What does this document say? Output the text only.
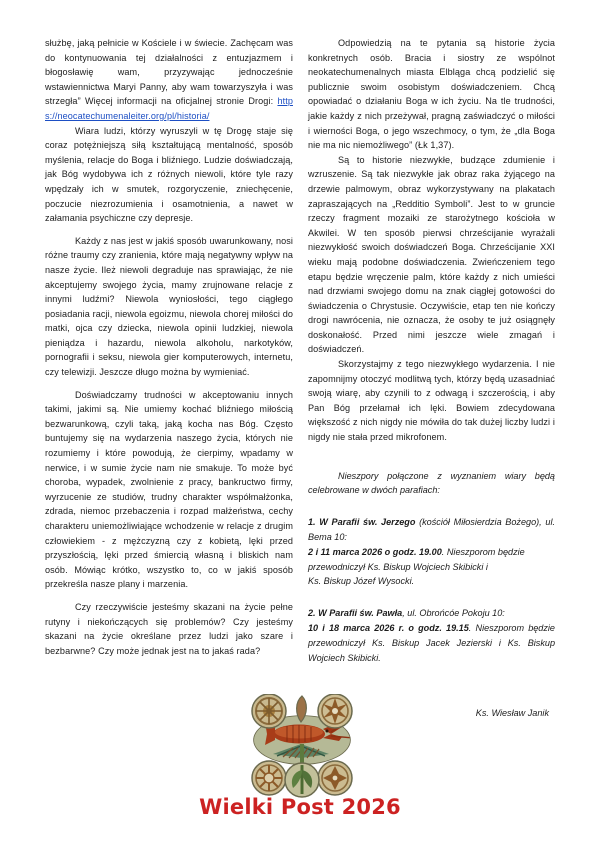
służbę, jaką pełnicie w Kościele i w świecie. Zachęcam was do kontynuowania tej działalności z entuzjazmem i błogosławię wam, przyzywając jednocześnie wstawiennictwa Maryi Panny, aby wam towarzyszyła i was strzegła” Więcej informacji na oficjalnej stronie Drogi: https://neocatechumenaleiter.org/pl/historia/

Wiara ludzi, którzy wyruszyli w tę Drogę staje się coraz potężniejszą siłą kształtującą mentalność, sposób myślenia, relacje do Boga i bliźniego. Ludzie doświadczają, jak Bóg wydobywa ich z różnych niewoli, które tyle razy wpędzały ich w smutek, rozgoryczenie, zniechęcenie, poczucie niezrozumienia i osamotnienia, a nawet w załamania psychiczne czy depresje.

Każdy z nas jest w jakiś sposób uwarunkowany, nosi różne traumy czy zranienia, które mają negatywny wpływ na nasze życie. Ileż niewoli degraduje nas sprawiając, że nie akceptujemy swojego życia, mamy zrujnowane relacje z innymi ludźmi? Niewola wyniosłości, tego ciągłego posiadania racji, niewola egoizmu, niewola chorej miłości do matki, ojca czy dziecka, niewola opinii ludzkiej, niewola pieniądza i hazardu, niewola alkoholu, narkotyków, pornografii i seksu, niewola gier komputerowych, internetu, czy telewizji. Jeszcze długo można by wymieniać.

Doświadczamy trudności w akceptowaniu innych takimi, jakimi są. Nie umiemy kochać bliźniego miłością bezwarunkową, czyli taką, jaką kocha nas Bóg. Często buntujemy się na wydarzenia naszego życia, których nie rozumiemy i które powodują, że cierpimy, wpadamy w nerwice, i w sumie życie nam nie smakuje. To może być choroba, wypadek, zwolnienie z pracy, bankructwo firmy, wyrzucenie ze studiów, trudny charakter współmałżonka, zdrada, niemoc przebaczenia i rozpad małżeństwa, cechy charakteru uniemożliwiające wchodzenie w relacje z drugim człowiekiem - z mężczyzną czy z kobietą, lęki przed przyszłością, lęki przed śmiercią własną i bliskich nam osób. Mówiąc krótko, wszystko to, co w jakiś sposób przekreśla nasze plany i marzenia.

Czy rzeczywiście jesteśmy skazani na życie pełne rutyny i niekończących się problemów? Czy jesteśmy skazani na życie określane przez ludzi jako szare i bezbarwne? Czy może jednak jest na to jakaś rada?

Odpowiedzią na te pytania są historie życia konkretnych osób. Bracia i siostry ze wspólnot neokatechumenalnych miasta Elbląga chcą podzielić się publicznie swoim osobistym doświadczeniem. Chcą opowiadać o działaniu Boga w ich życiu. Na tle trudności, jakie każdy z nich przeżywał, pragną zaświadczyć o miłości i wierności Boga, o jego wszechmocy, o tym, że „dla Boga nie ma nic niemożliwego” (Łk 1,37).

Są to historie niezwykłe, budzące zdumienie i wzruszenie. Są tak niezwykłe jak obraz raka żyjącego na drzewie palmowym, obraz wykorzystywany na plakatach zapraszających na „Redditio Symboli”. Jest to w gruncie rzeczy fragment mozaiki ze starożytnego kościoła w Akwilei. W ten sposób pierwsi chrześcijanie wyrażali niezwykłość swoich doświadczeń Boga. Chrześcijanie XXI wieku mają podobne doświadczenia. Zwieńczeniem tego etapu będzie wręczenie palm, które każdy z nich umieści nad drzwiami swojego domu na znak ciągłej gotowości do świadczenia o Chrystusie. Oczywiście, etap ten nie kończy drogi nawrócenia, nie oznacza, że osoby te już osiągnęły doskonałość. Przed nimi jeszcze wiele zmagań i doświadczeń.

Skorzystajmy z tego niezwykłego wydarzenia. I nie zapomnijmy otoczyć modlitwą tych, którzy będą uzasadniać swoją wiarę, aby czynili to z odwagą i szczerością, i aby Pan Bóg przełamał ich lęki. Bowiem zdecydowana większość z nich nigdy nie mówiła do tak dużej liczby ludzi i nigdy nie stała przed mikrofonem.

Nieszpory połączone z wyznaniem wiary będą celebrowane w dwóch parafiach:

1. W Parafii św. Jerzego (kościół Miłosierdzia Bożego), ul. Bema 10:

2 i 11 marca 2026 o godz. 19.00. Nieszporom będzie przewodniczył Ks. Biskup Wojciech Skibicki i

Ks. Biskup Józef Wysocki.

2. W Parafii św. Pawła, ul. Obrońcóe Pokoju 10:

10 i 18 marca 2026 r. o godz. 19.15. Nieszporom będzie przewodniczył Ks. Biskup Jacek Jezierski i Ks. Biskup Wojciech Skibicki.

Ks. Wiesław Janik

Wielki Post 2026
